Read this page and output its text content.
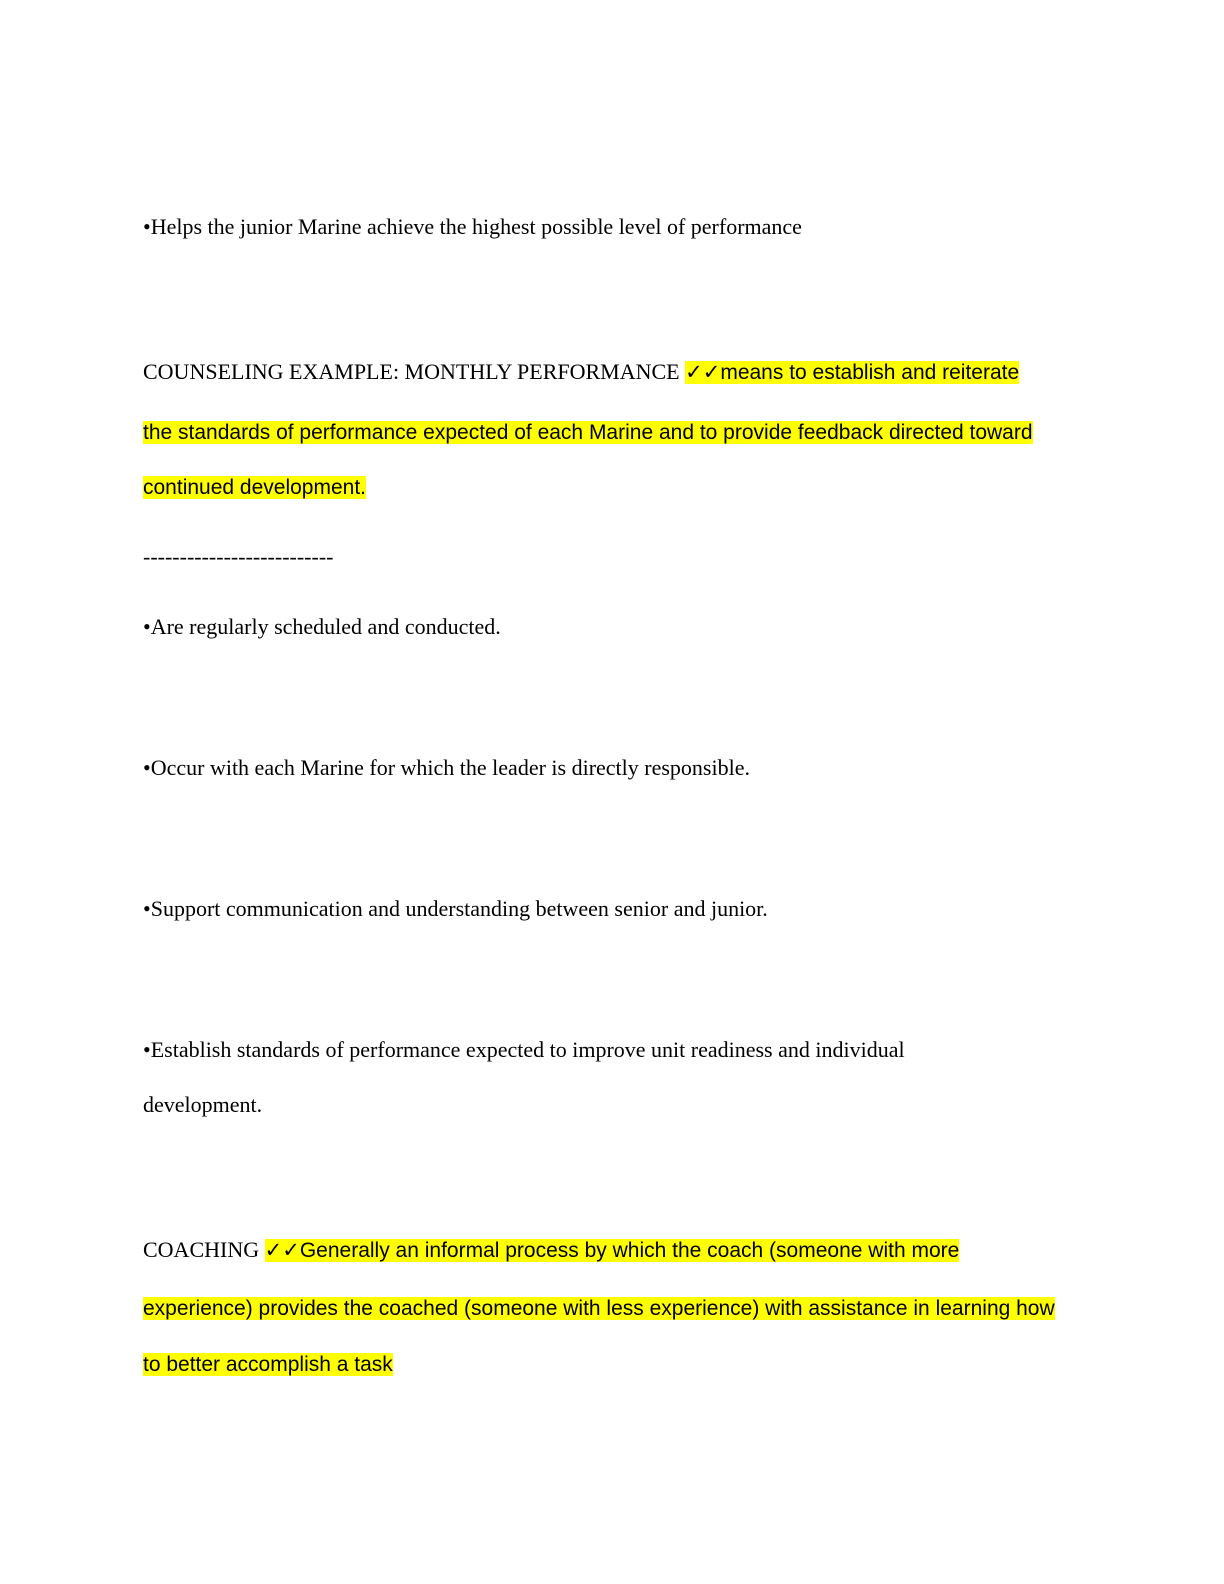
•Helps the junior Marine achieve the highest possible level of performance

COUNSELING EXAMPLE: MONTHLY PERFORMANCE ✓✓means to establish and reiterate

the standards of performance expected of each Marine and to provide feedback directed toward

continued development.

--------------------------

•Are regularly scheduled and conducted.

•Occur with each Marine for which the leader is directly responsible.

•Support communication and understanding between senior and junior.

•Establish standards of performance expected to improve unit readiness and individual

development.

COACHING ✓✓Generally an informal process by which the coach (someone with more

experience) provides the coached (someone with less experience) with assistance in learning how

to better accomplish a task
